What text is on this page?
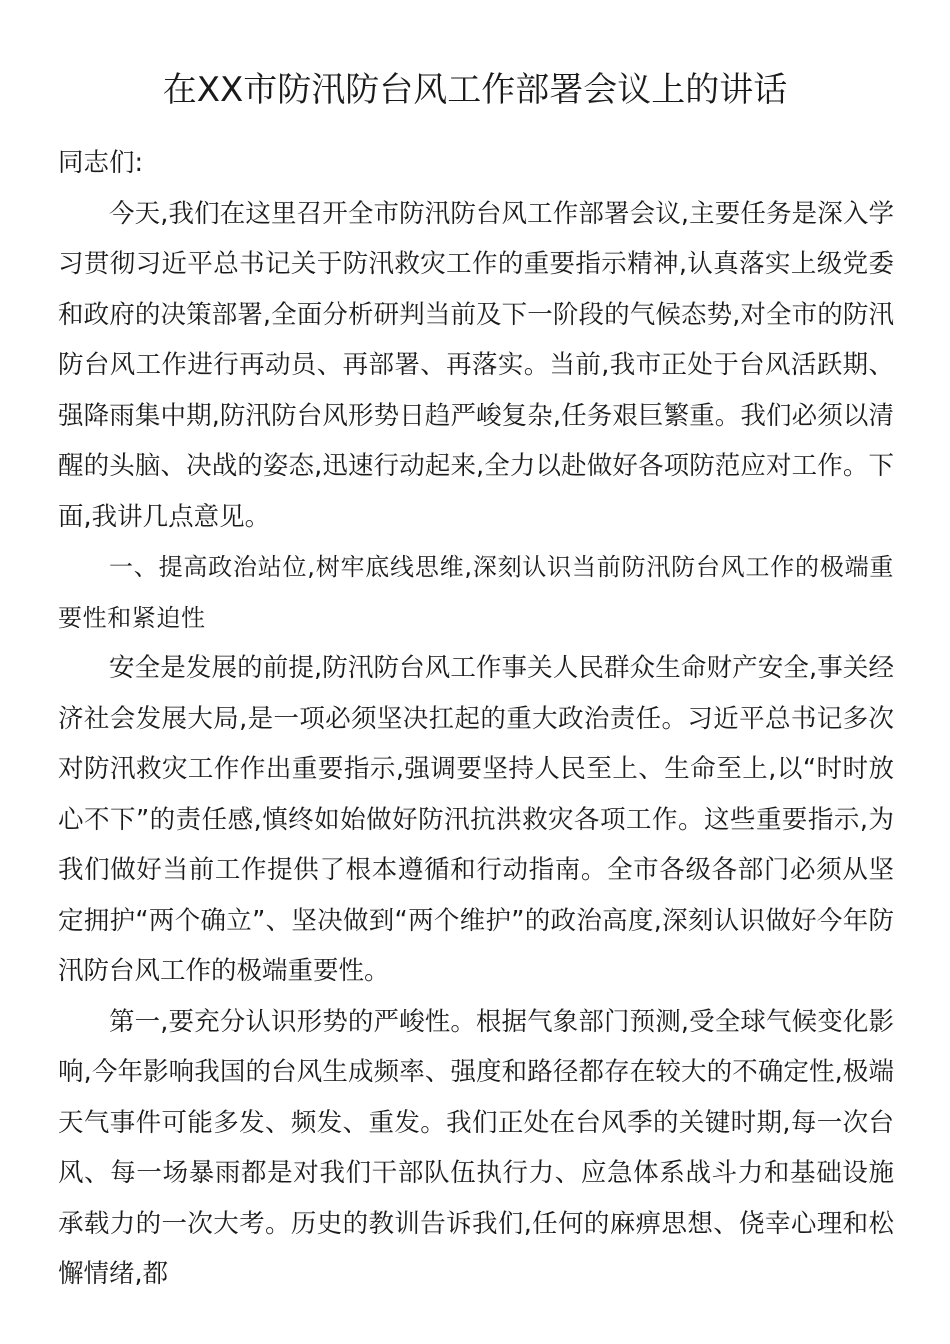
在XX市防汛防台风工作部署会议上的讲话

同志们:

今天,我们在这里召开全市防汛防台风工作部署会议,主要任务是深入学习贯彻习近平总书记关于防汛救灾工作的重要指示精神,认真落实上级党委和政府的决策部署,全面分析研判当前及下一阶段的气候态势,对全市的防汛防台风工作进行再动员、再部署、再落实。当前,我市正处于台风活跃期、强降雨集中期,防汛防台风形势日趋严峻复杂,任务艰巨繁重。我们必须以清醒的头脑、决战的姿态,迅速行动起来,全力以赴做好各项防范应对工作。下面,我讲几点意见。

一、提高政治站位,树牢底线思维,深刻认识当前防汛防台风工作的极端重要性和紧迫性

安全是发展的前提,防汛防台风工作事关人民群众生命财产安全,事关经济社会发展大局,是一项必须坚决扛起的重大政治责任。习近平总书记多次对防汛救灾工作作出重要指示,强调要坚持人民至上、生命至上,以“时时放心不下”的责任感,慎终如始做好防汛抗洪救灾各项工作。这些重要指示,为我们做好当前工作提供了根本遵循和行动指南。全市各级各部门必须从坚定拥护“两个确立”、坚决做到“两个维护”的政治高度,深刻认识做好今年防汛防台风工作的极端重要性。

第一,要充分认识形势的严峻性。根据气象部门预测,受全球气候变化影响,今年影响我国的台风生成频率、强度和路径都存在较大的不确定性,极端天气事件可能多发、频发、重发。我们正处在台风季的关键时期,每一次台风、每一场暴雨都是对我们干部队伍执行力、应急体系战斗力和基础设施承载力的一次大考。历史的教训告诉我们,任何的麻痹思想、侥幸心理和松懈情绪,都
